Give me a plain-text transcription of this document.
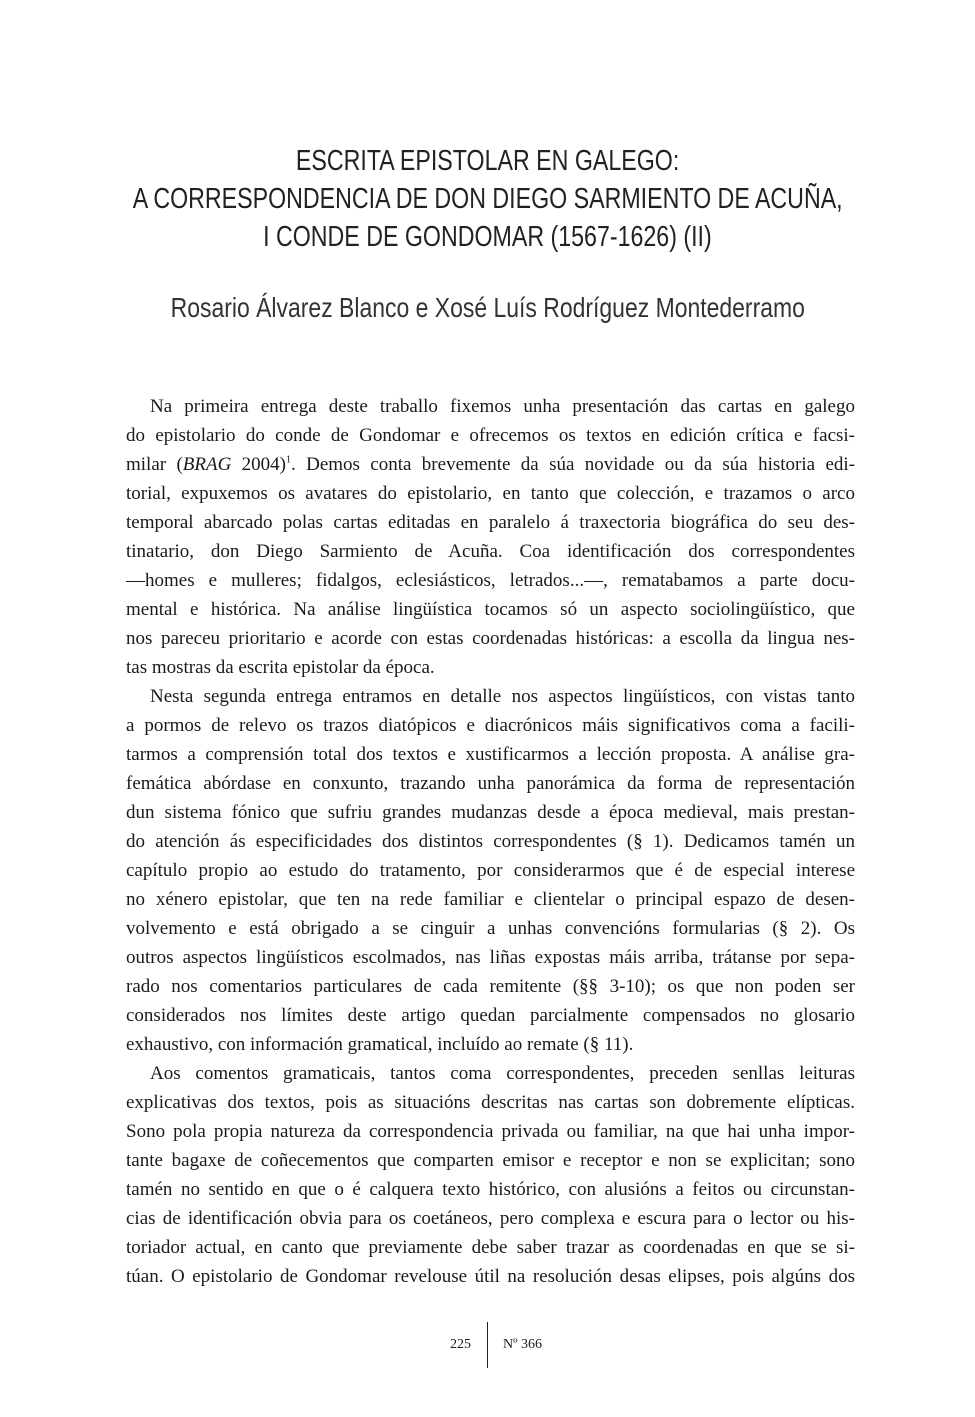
ESCRITA EPISTOLAR EN GALEGO:
A CORRESPONDENCIA DE DON DIEGO SARMIENTO DE ACUÑA,
I CONDE DE GONDOMAR (1567-1626) (II)
Rosario Álvarez Blanco e Xosé Luís Rodríguez Montederramo
Na primeira entrega deste traballo fixemos unha presentación das cartas en galego
do epistolario do conde de Gondomar e ofrecemos os textos en edición crítica e facsi-
milar (BRAG 2004)$^1$. Demos conta brevemente da súa novidade ou da súa historia edi-
torial, expuxemos os avatares do epistolario, en tanto que colección, e trazamos o arco
temporal abarcado polas cartas editadas en paralelo á traxectoria biográfica do seu des-
tinatario, don Diego Sarmiento de Acuña. Coa identificación dos correspondentes
—homes e mulleres; fidalgos, eclesiásticos, letrados...—, rematabamos a parte docu-
mental e histórica. Na análise lingüística tocamos só un aspecto sociolingüístico, que
nos pareceu prioritario e acorde con estas coordenadas históricas: a escolla da lingua nes-
tas mostras da escrita epistolar da época.
Nesta segunda entrega entramos en detalle nos aspectos lingüísticos, con vistas tanto
a pormos de relevo os trazos diatópicos e diacrónicos máis significativos coma a facili-
tarmos a comprensión total dos textos e xustificarmos a lección proposta. A análise gra-
femática abórdase en conxunto, trazando unha panorámica da forma de representación
dun sistema fónico que sufriu grandes mudanzas desde a época medieval, mais prestan-
do atención ás especificidades dos distintos correspondentes (§ 1). Dedicamos tamén un
capítulo propio ao estudo do tratamento, por considerarmos que é de especial interese
no xénero epistolar, que ten na rede familiar e clientelar o principal espazo de desen-
volvemento e está obrigado a se cinguir a unhas convencións formularias (§ 2). Os
outros aspectos lingüísticos escolmados, nas liñas expostas máis arriba, trátanse por sepa-
rado nos comentarios particulares de cada remitente (§§ 3-10); os que non poden ser
considerados nos límites deste artigo quedan parcialmente compensados no glosario
exhaustivo, con información gramatical, incluído ao remate (§ 11).
Aos comentos gramaticais, tantos coma correspondentes, preceden senllas leituras
explicativas dos textos, pois as situacións descritas nas cartas son dobremente elípticas.
Sono pola propia natureza da correspondencia privada ou familiar, na que hai unha impor-
tante bagaxe de coñecementos que comparten emisor e receptor e non se explicitan; sono
tamén no sentido en que o é calquera texto histórico, con alusións a feitos ou circunstan-
cias de identificación obvia para os coetáneos, pero complexa e escura para o lector ou his-
toriador actual, en canto que previamente debe saber trazar as coordenadas en que se si-
túan. O epistolario de Gondomar revelouse útil na resolución desas elipses, pois algúns dos
225 Nº 366
